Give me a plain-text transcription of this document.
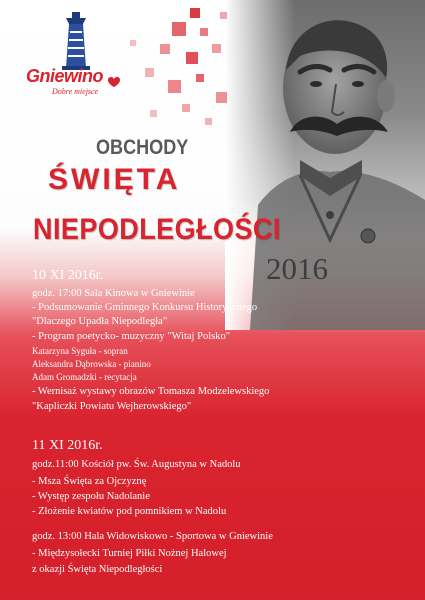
Gniewino
Dobre miejsce
OBCHODY
ŚWIĘTA
NIEPODLEGŁOŚCI
2016
10 XI 2016r.
godz. 17:00 Sala Kinowa w Gniewinie
- Podsumowanie Gminnego Konkursu Historycznego
"Dlaczego Upadła Niepodległa"
- Program poetycko- muzyczny "Witaj Polsko"
Katarzyna Syguła - sopran
Aleksandra Dąbrowska - pianino
Adam Gromadzki - recytacja
- Wernisaż wystawy obrazów Tomasza Modzelewskiego
"Kapliczki Powiatu Wejherowskiego"
11 XI 2016r.
godz.11:00 Kościół pw. Św. Augustyna w Nadolu
- Msza Święta za Ojczyznę
- Występ zespołu Nadolanie
- Złożenie kwiatów pod pomnikiem w Nadolu
godz. 13:00 Hala Widowiskowo - Sportowa w Gniewinie
- Międzysołecki Turniej Piłki Nożnej Halowej
z okazji Święta Niepodległości
